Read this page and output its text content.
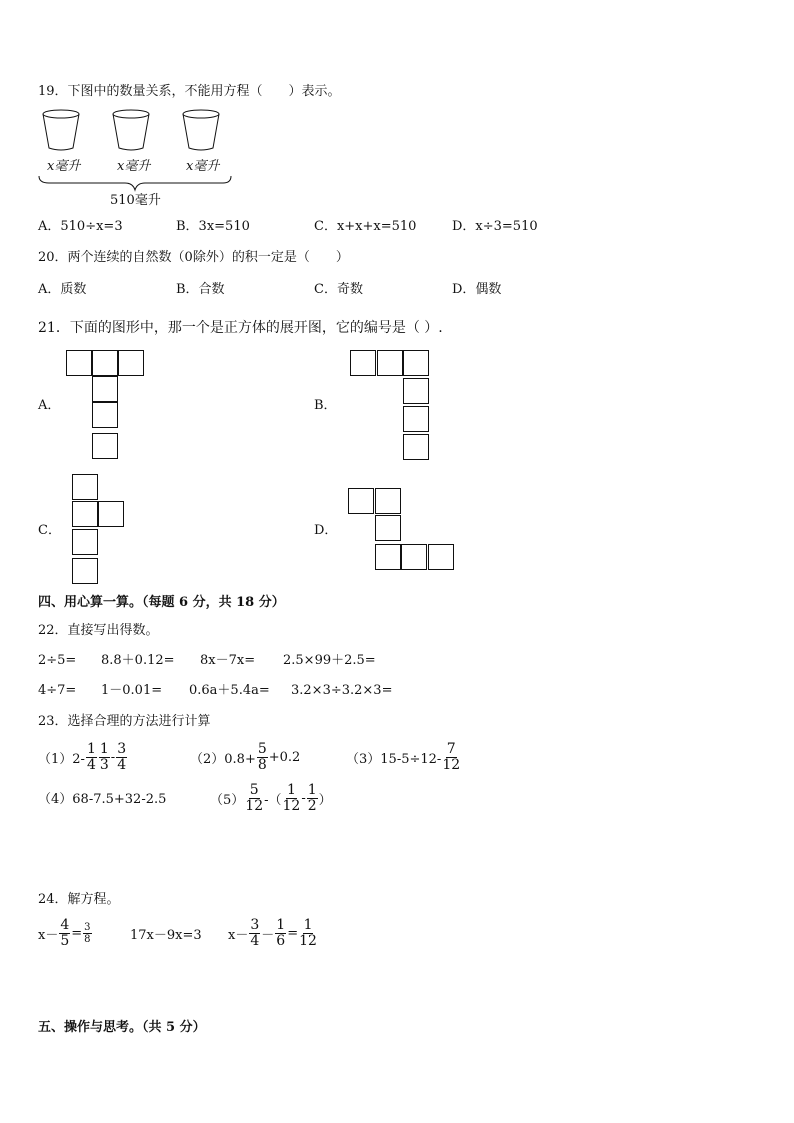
19．下图中的数量关系，不能用方程（　　）表示。
x毫升	x毫升	x毫升
510毫升
A．510÷x=3	B．3x=510	C．x+x+x=510	D．x÷3=510
20．两个连续的自然数（0除外）的积一定是（　　）
A．质数	B．合数	C．奇数	D．偶数
21．下面的图形中，那一个是正方体的展开图，它的编号是（ ）.
A．	B．
C．	D．
四、用心算一算。（每题 6 分，共 18 分）
22．直接写出得数。
2÷5= 8.8＋0.12= 8x－7x= 2.5×99＋2.5=
4÷7= 1－0.01= 0.6a＋5.4a= 3.2×3÷3.2×3=
23．选择合理的方法进行计算
$(1)2- \frac{1}{4} \frac{1}{3} - \frac{3}{4}$	$(2)0.8+ \frac{5}{8} +0.2$	$(3)15-5\div 12- \frac{7}{12}$
（4）68-7.5+32-2.5	$(5) \frac{5}{12}$ -（ $\frac{1}{12} - \frac{1}{2}$ ）
24．解方程。
$x- \frac{4}{5} = \frac{3}{8}$	17x－9x=3 $x- \frac{3}{4} - \frac{1}{6} = \frac{1}{12}$
五、操作与思考。（共 5 分）
